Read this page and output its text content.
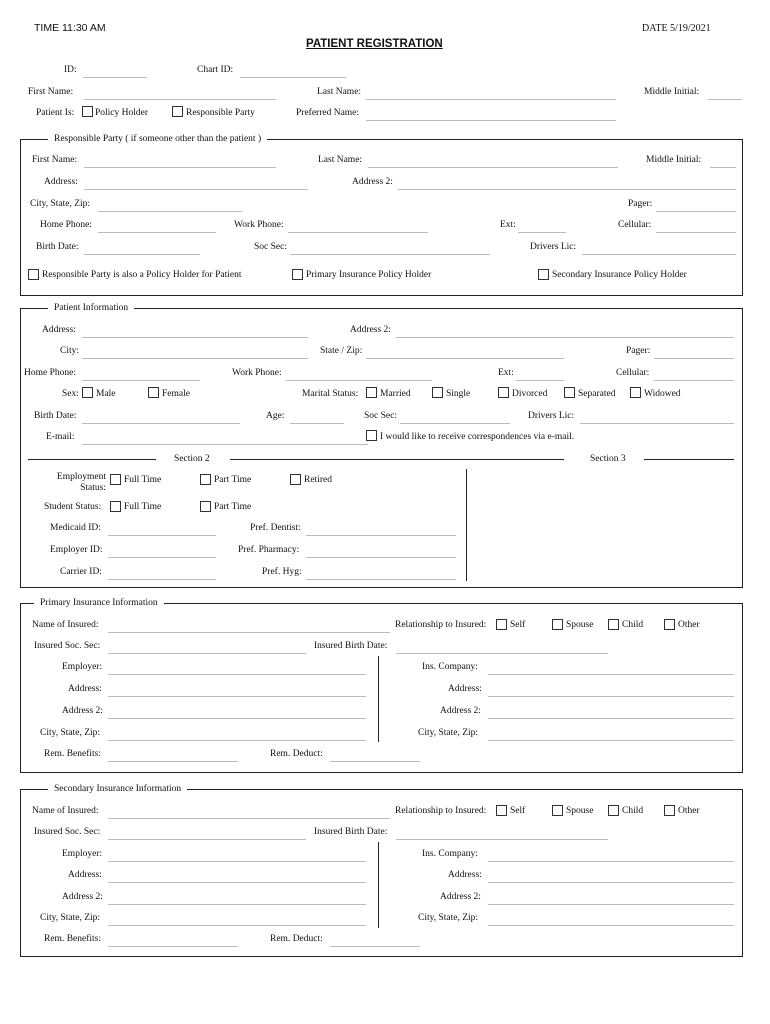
TIME 11:30 AM	DATE 5/19/2021
PATIENT REGISTRATION
ID:	Chart ID:
First Name:	Last Name:	Middle Initial:
Patient Is: Policy Holder	Responsible Party	Preferred Name:
Responsible Party ( if someone other than the patient )
First Name:	Last Name:	Middle Initial:
Address:	Address 2:
City, State, Zip:	Pager:
Home Phone:	Work Phone:	Ext:	Cellular:
Birth Date:	Soc Sec:	Drivers Lic:
Responsible Party is also a Policy Holder for Patient	Primary Insurance Policy Holder	Secondary Insurance Policy Holder
Patient Information
Address:	Address 2:
City:	State / Zip:	Pager:
Home Phone:	Work Phone:	Ext:	Cellular:
Sex: Male	Female	Marital Status: Married	Single	Divorced	Separated	Widowed
Birth Date:	Age:	Soc Sec:	Drivers Lic:
E-mail:	I would like to receive correspondences via e-mail.
Section 2	Section 3
Employment
Status:
Full Time	Part Time	Retired
Student Status: Full Time	Part Time
Medicaid ID:	Pref. Dentist:
Employer ID:	Pref. Pharmacy:
Carrier ID:	Pref. Hyg:
Primary Insurance Information
Name of Insured:	Relationship to Insured: Self	Spouse	Child	Other
Insured Soc. Sec:	Insured Birth Date:
Employer:	Ins. Company:
Address:	Address:
Address 2:	Address 2:
City, State, Zip:	City, State, Zip:
Rem. Benefits:	Rem. Deduct:
Secondary Insurance Information
Name of Insured:	Relationship to Insured: Self	Spouse	Child	Other
Insured Soc. Sec:	Insured Birth Date:
Employer:	Ins. Company:
Address:	Address:
Address 2:	Address 2:
City, State, Zip:	City, State, Zip:
Rem. Benefits:	Rem. Deduct:
